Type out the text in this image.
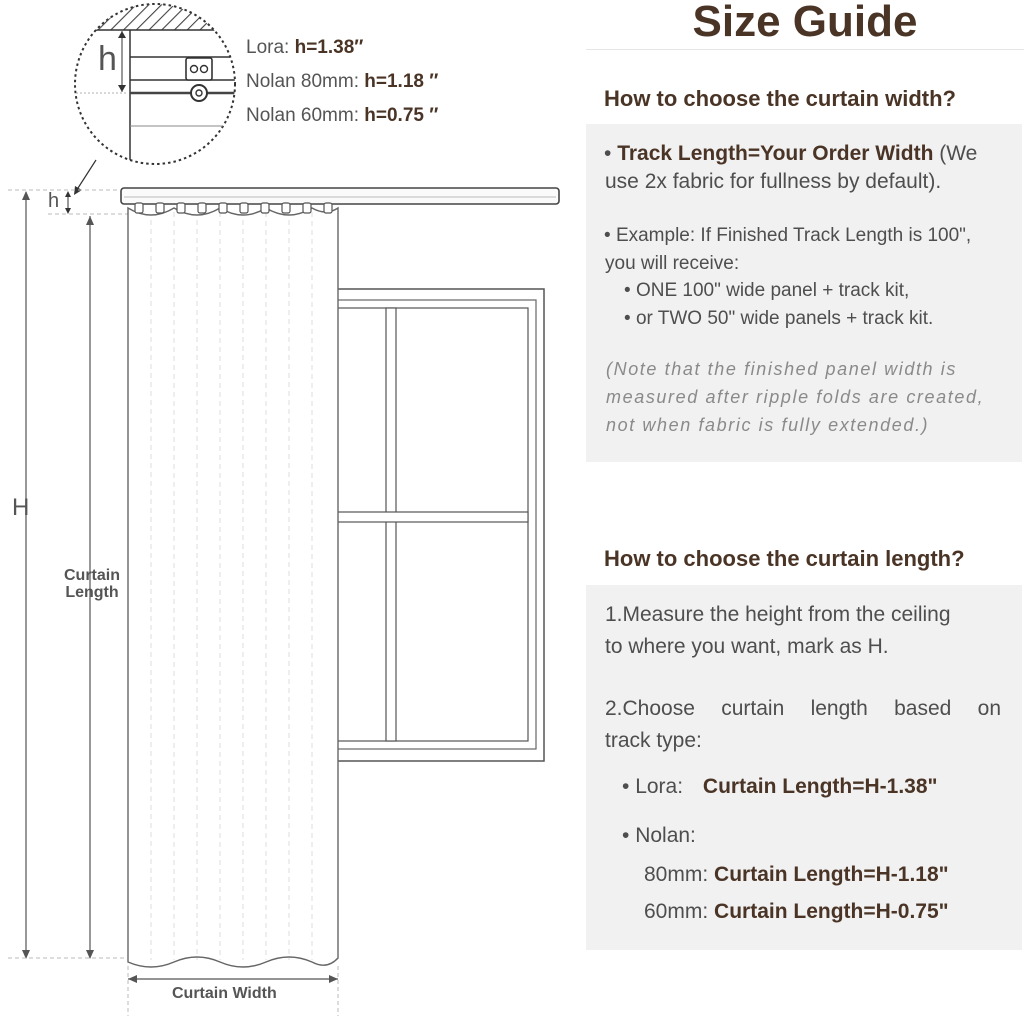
h
h
H
Curtain
Length
Curtain Width
Lora: h=1.38″
Nolan 80mm: h=1.18 ″
Nolan 60mm: h=0.75 ″
Size Guide
How to choose the curtain width?
• Track Length=Your Order Width (We
use 2x fabric for fullness by default).
• Example: If Finished Track Length is 100",
you will receive:
• ONE 100" wide panel + track kit,
• or TWO 50" wide panels + track kit.
(Note that the finished panel width is
measured after ripple folds are created,
not when fabric is fully extended.)
How to choose the curtain length?
1.Measure the height from the ceiling
to where you want, mark as H.
2.Choose curtain length based on
track type:
• Lora: Curtain Length=H-1.38"
• Nolan:
80mm: Curtain Length=H-1.18"
60mm: Curtain Length=H-0.75"
